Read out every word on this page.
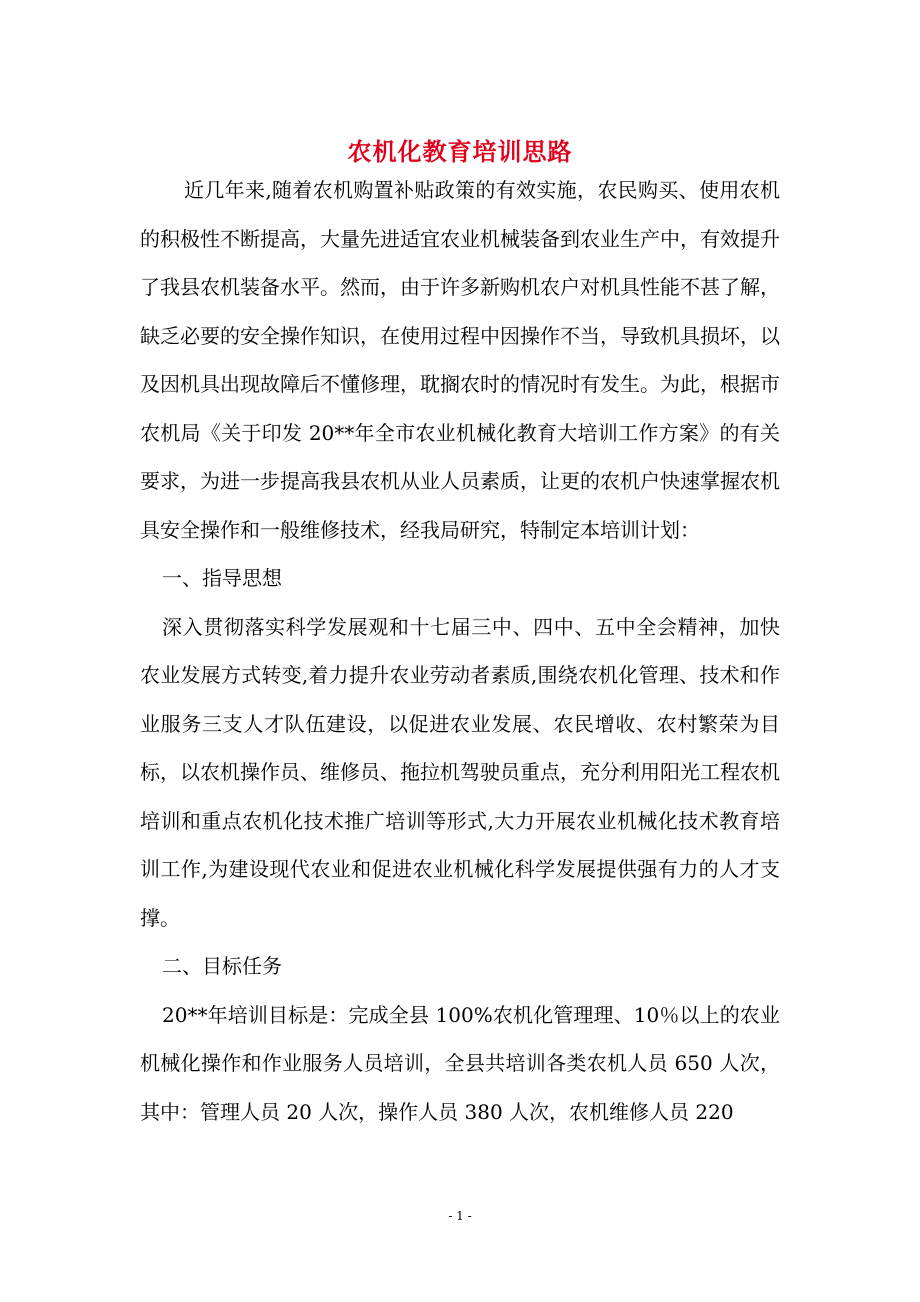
农机化教育培训思路

近几年来,随着农机购置补贴政策的有效实施，农民购买、使用农机的积极性不断提高，大量先进适宜农业机械装备到农业生产中，有效提升了我县农机装备水平。然而，由于许多新购机农户对机具性能不甚了解，缺乏必要的安全操作知识，在使用过程中因操作不当，导致机具损坏，以及因机具出现故障后不懂修理，耽搁农时的情况时有发生。为此，根据市农机局《关于印发 20**年全市农业机械化教育大培训工作方案》的有关要求，为进一步提高我县农机从业人员素质，让更的农机户快速掌握农机具安全操作和一般维修技术，经我局研究，特制定本培训计划：

一、指导思想

深入贯彻落实科学发展观和十七届三中、四中、五中全会精神，加快农业发展方式转变,着力提升农业劳动者素质,围绕农机化管理、技术和作业服务三支人才队伍建设，以促进农业发展、农民增收、农村繁荣为目标，以农机操作员、维修员、拖拉机驾驶员重点，充分利用阳光工程农机培训和重点农机化技术推广培训等形式,大力开展农业机械化技术教育培训工作,为建设现代农业和促进农业机械化科学发展提供强有力的人才支撑。

二、目标任务

20**年培训目标是：完成全县 100%农机化管理理、10％以上的农业机械化操作和作业服务人员培训，全县共培训各类农机人员 650 人次，其中：管理人员 20 人次，操作人员 380 人次，农机维修人员 220

- 1 -
